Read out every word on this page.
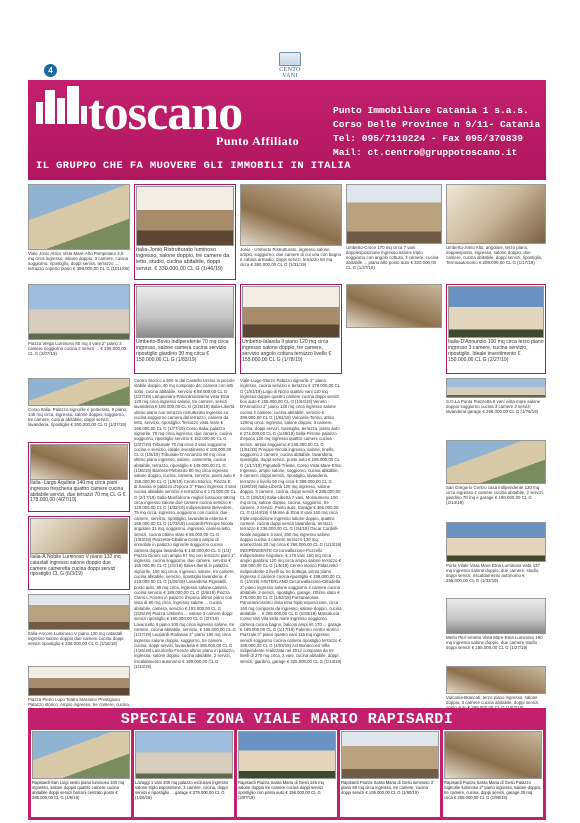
4	CENTO VANI
toscano
Punto Affiliato
IL GRUPPO CHE FA MUOVERE GLI IMMOBILI IN ITALIA
Punto Immobiliare Catania 1 s.a.s.
Corso Delle Province n 9/11- Catania
Tel: 095/7110224 - Fax 095/370839
Mail: ct.centro@gruppotoscano.it
Viale Jonio Attico Vista Mare-Alto Pompeiano 3,5 mq circa ingresso, salone doppio, 3 camere, cucina soggiorno, ripostiglio, doppi servizi, terrazzo ...; terrazzo coperto piano € 398.000,00 CL G (1011/06)
Italia-Jonio Ristrutturato luminoso ingresso, salone doppio, tre camere da letto, studio, cucina abitabile, doppi servizi. € 330.000,00 CL G (1/46/19)
Jonio - Umberto Ristrutturato, ingresso salone ampio, soggiorno, due camere di cui una con bagno e cabina armadio, doppi servizi, terrazzo 50 mq circa € 360.000,00 CL G (1/31/19)
Umberto-Croce 170 mq circa 7 vani doppiesposizione ingresso salone triplo soggiorno con angolo cottura, 3 camere, cucina abitabile ... piano alto posto auto € 320.000,00 CL G (1/47/19)
Umberto-Jonio Alto, angolare, terzo piano, doppiesposto, ingresso, salone doppio, due camere, cucina abitabile, doppi servizi, ripostiglio, Termoautonomo € 208.000,00 CL G (1/17/19)
Piazza Verga Luminoso 60 mq 4 vani 2° piano 3 camere soggiorno cucina 2 servizi ... € 235.000,00 CL G (2/07/19)
Umberto-Bovio Indipendente 70 mq circa ingresso, salone camera cucina servizio ripostiglio giardino 30 mq circa € 150.000,00 CL G (1/83/19)
Umberto-Ialanda Il piano 120 mq circa ingresso salone doppio, tre camere, servizio angolo cottura terrazzo livello € 155.000,00 CL G (1/78/19)
Italia-D'Annunzio 100 mq circa terzo piano ingresso 3 camere, cucina servizio, ripostiglio. Ideale investimento € 150.000,00 CL G (2/27/19)
Corso Italia. Palazzo signorile e portierato, 9 piano, 145 mq circa, ingresso, salone doppio, soggiorno, tre camere, cucina abitabile, doppi servizi, lavanderia, ripostiglio € 300.000,00 CL G (1/37/19)
Italia -Largo Aquileia 140 mq circa piani ingresso frescheria quattro camere cucina abitabile servizi, due terrazzi 70 mq CL G € 178.000,00 (4/27/19)
Italia-A.Nobile Luminoso V piano 132 mq catastali ingresso salone doppio due camere cameretta cucina doppi servizi ripostiglio CL G (6/3/19)
Italia-Ancore Luminoso V piano 130 mq catastali ingresso salone doppio due camere cucina doppi servizi ripostiglio € 236.000,00 CL G (1/16/19)
Centro Storico a 500 m dal Castello Ursino in piccolo stabile doppio, 40 mq composto da: camera con letti sotto, cucina abitabile, servizio € 88.000,00 CL G (2/27/19) Lampionaro-Panoramicissimo vista Etna 120 mq circa ingresso salone, tre camere, servizi lavanderia € 108.000,00 CL G (2/26/19) Italia-Libertà ultimo piano con terrazzo ristrutturato ingresso su cucina soggiorno camera dal terrazzo, camera da letto, servizio, ripostiglio. Terrazzo vista mare € 166.000,00 CL G (1/77/19) Corso Italia, palazzo signorile, 70 mq circa ingresso, due camere, cucina soggiorno, ripostiglio servizio € 152.000,00 CL G (2/27/19) Tribunale 70 mq circa 3 vani soggiorno cucina e servizio, ideale investimento € 108.000,00 CL G (1/6/19) Tribunale-D'Annunzio 90 mq circa ultimo piano ingresso, salone, cameretta, cucina abitabile, terrazzo, ripostiglio € 149.000,00 CL G (1/36/19) Barriera-Plebiscito 80 mq circa ingresso salone doppio, cucina, camera, servizio, posto auto € 159.000,00 CL G (1/6/19) Centro Storico, Piazza E. di Savoia in palazzo d'epoca 3° Piano ingresso 3 vani cucina abitabile servizio e terrazzino € 173.000,00 CL G (2/17/19) Sallo-Monfalcone miglior lussuoso 98 mq circa ingresso salone due camere cucina servizio € 129.000,00 CL G (1/32/19) Indipendente Belvedere, 75 mq circa, ingresso, soggiorno con cucina, due camere, servizio, ripostiglio, lavanderia esterna € 165.000,00 CL G (1/73/19) Leopardi-Principe Nicola angolare 31 mq, soggiorno, ingresso, camera letto, servizi, cucina ottimo stato € 65.000,00 CL G (1/53/19) Piazzetta-Cibalina Centro ampio di immobile in palazzo signorile soggiorno cucina camera doppia lavanderia € 148.000,00 CL G (1/3) Piazza Gioeni con ampio 67 mq con terrazzo piani 1° ingresso, cucina soggiorno, due camere, servizio € 155.000,00 CL G (2/1/19) Italia-Libertà in palazzo signorile, 100 mq circa, ingresso, salone, tre camere, cucina abitabile, servizio, ripostiglio lavanderia, € 210.000,00 CL G (1/16/19) Lavanderia Pignatelli, posto auto, 55 mq circa, ingresso salone camera, cucina servizio € 189.000,00 CL G (2/6/19) Piazza Ciano.L'Ariosto in palazzo d'epoca ultimo piano con vista di 90 mq circa, ingresso salone ... cucina abitabile, camera, servizio € 193.000,00 CL G (2/26/19) Piazza Umberto ... salone 3 camere doppi servizi ripostiglio € 190.000,00 CL G (2/7/19) Lavuricello II piano 100 mq circa ingresso salone, tre camere, cucina abitabile, servizio. € 185.000,00 CL G (1/17/19) Leopardi-Rodanao 3° piano 180 mq circa ingresso salone doppio, soggiorno, tre camere, cucina, doppi servizi, lavanderia € 369.000,00 CL G (1/26/19) Lavuricello-Firenze ultimo piano in palazzo, ingresso, salone doppio, cucina abitabile, 2 servizi, riscaldamento autonomo € 199.000,00 CL G (1/13/19)
Viale-Luigo-Sturzo Palazzo signorile 2° piano ingresso, cucina servizio e terrazzo € 178.000,00 CL G (1/81/19) Lago di Nicito quattro vani 110 mq ingresso doppio quattro camere cucina doppi servizi box auto € 155.000,00 CL G (1/64/19) Veneto - D'Annunzio 2° piano 130 mq circa ingresso salone cucina 2 camere, cucina abitabile, servizio € 286.000,00 CL G (1/62/19) Vulcania-Torino, attico 120mq circa, ingresso, salone doppio, 3 camere, cucina, doppi servizi, ripostiglio, terrazzo, posto auto € 274.000,00 CL G (1/49/19) Sella-Pirrone palazzo d'epoca 120 mq ingresso quattro camere cucina servizi, ampio soggiorno € 245.000,00 CL G (1/51/19) Principe-Nicola ingresso, salone, tinello, soggiorno 2 camere, cucina abitabile, lavanderia, ripostiglio, doppi servizi, posto auto € 195.000,00 CL G (1/17/19) Pignatelli-Trieste, Corso Vista Mare-Etna: Ingresso, ampio salone, soggiorno, cucina abitabile, 5 camere, doppi servizi, ripostiglio, lavanderia, terrazzo e livello 50 mq circa € 399.000,00 CL G (1/26/19) Italia-Libertà 120 mq ingresso, salone doppio, 3 camere, cucina, doppi servizi € 285.000,00 CL G (2/6/19) Italia-Libertà 7 vani, Monsumeno 100 mq circa, salone doppio, cucina, soggiorno, tre camere, 2 servizi, Posto auto, Garage € 365.000,00 CL G (1/44/19) Il Monte di Etna 8 vani 160 mq circa triple esposizione ingresso salone doppio, quattro camere, cucina doppi servizi lavanderia, terrazzi, terrazzo € 236.000,00 CL G (2/4/19) Oscar Cordelli-Noale angolare 3 vani, 200 mq ingresso salone doppio cucina 4 camere terrazzo 130 mq, ammezzato 20 mq circa € 268.000,00 CL G (1/13/19) INDIPENDENTE Circonvallazione-Pozzello Indipendente Angolare, € 170 vani 150 mq circa ampio giardino 120 mq circa ampio salone terrazzo € 185.000,00 CL G (1/5/19) Centro storico Palazzetto indipendente 2 livelli su tre bottega, primo piano ingresso 4 camere cucina ripostiglio € 199.000,00 CL G (1/2/19) HINTERLAND Circonvallazione-Cittadella 2° piano ingresso salone soggiorno 2 camere cucina abitabile, 2 servizi, ripostiglio, garage. Ottimo stato € 275.000,00 CL G (1/52/19) Fontanarossa. Panoramicissimo vista etna triple esposizione, circa 160 mq composto da ingresso, salone doppio, cucina abitabile ... € 285.000,00 CL G (1/83/19) Mascalucia Corso Vari Vila vista mare ingresso soggiorno camera cucina bagno, balconi ampi mt 170 ... garage € 189.000,00 CL G (1/17/19) Palermo centro storico Piazzale 3° piano quattro vani 115 mq ingresso servizi soggiorno cucina camera ripostiglio terrazzo € 158.000,00 CL G (4/03/19) Acl Bonaccorsi Villa indipendente realizzata nel 2012 composta da tre livelli di 270 mq circa, 2 vani, cucina abitabile, doppi servizi, giardino, garage € 325.000,00 CL G (1/13/19)
S.G.La Punta Piazzetta 6 vani vista mare salone doppio soggiorno cucina 3 camere 2 servizi lavanderia garage € 268.000,00 CL G (1/76/19)
San Gregorio Centro casa indipendente 130 mq circa ingresso 4 camere cucina abitabile, 2 servizi, giardino 70 mq e garage € 190.000,00 CL G (2/13/19)
Porta Vitale Vista Mare Etna Luminoso vista 137 mq ingresso salone doppio, due camere, studio, doppi servizi, riscaldamento autonomo € 255.000,00 CL G (1/32/19)
Merlo Peri-Veneto Vista Mare-Etna Luminoso 190 mq ingresso salone doppio, due camere studio doppi servizi € 185.000,00 CL G (1/27/19)
Piazza Pietro Lupo Teatro Massimo Prestigioso Palazzo storico. Ampio ingresso, tre camere, cucina,
Vulcania-Brancati, terzo piano ingresso, salone doppio, 3 camere cucina abitabile, doppi servizi,
SPECIALE ZONA VIALE MARIO RAPISARDI
Rapisardi-San Luigi sesto piano luminoso 100 mq ingresso, salone doppio quattro camere cucina abitabile doppi servizi balconi centrato posto € 285.000,00 CL G (1/6/19)
Lavaggi 1 vani 200 mq palazzo esclusivo ingresso salone triplo esposizione, 3 camere, cucina, doppi servizi e ripostiglio ... garage € 279.000,00 CL G (1/26/19)
Rapisardi Piazza Santa Maria di Gesù 145 mq salone doppio tre camere cucina doppi servizi ripostiglio con posto auto € 196.000,00 CL G (2/07/19)
Rapisardi Piazza Santa Maria di Gesù luminoso 2° piano 60 mq circa ingresso, tre camere, cucina doppi servizi € 105.000,00 CL G (1/60/19)
Rapisardi Piazza Santa Maria di Gesù Palazzo Signorile luminoso 2° piano ingresso, salone doppio, tre camere, cucina, doppi servizi, garage 25 mq circa € 259.000,00 CL G (1/98/19)
